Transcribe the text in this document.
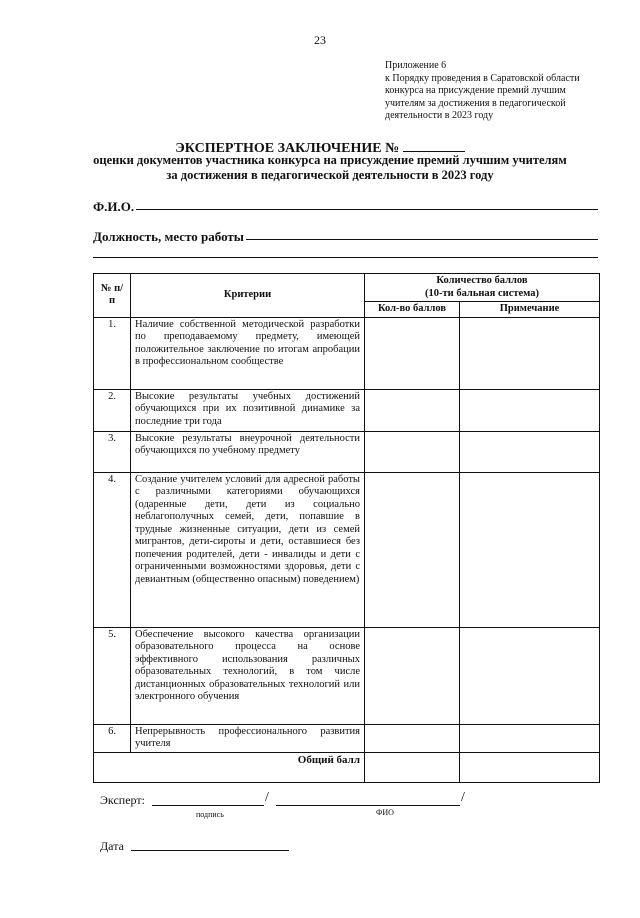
23
Приложение 6
к Порядку проведения в Саратовской области
конкурса на присуждение премий лучшим
учителям за достижения в педагогической
деятельности в 2023 году
ЭКСПЕРТНОЕ ЗАКЛЮЧЕНИЕ №
оценки документов участника конкурса на присуждение премий лучшим учителям
за достижения в педагогической деятельности в 2023 году
Ф.И.О.
Должность, место работы
№ п/п	Критерии	Количество баллов
(10-ти бальная система)	

		Кол-во баллов	Примечание
1.	Наличие собственной методической разработки по преподаваемому предмету, имеющей положительное заключение по итогам апробации в профессиональном сообществе		
2.	Высокие результаты учебных достижений обучающихся при их позитивной динамике за последние три года		
3.	Высокие результаты внеурочной деятельности обучающихся по учебному предмету		
4.	Создание учителем условий для адресной работы с различными категориями обучающихся (одаренные дети, дети из социально неблагополучных семей, дети, попавшие в трудные жизненные ситуации, дети из семей мигрантов, дети-сироты и дети, оставшиеся без попечения родителей, дети - инвалиды и дети с ограниченными возможностями здоровья, дети с девиантным (общественно опасным) поведением)		
5.	Обеспечение высокого качества организации образовательного процесса на основе эффективного использования различных образовательных технологий, в том числе дистанционных образовательных технологий или электронного обучения		
6.	Непрерывность профессионального развития учителя		
Общий балл			
Эксперт:	/	/
подпись	ФИО
Дата
